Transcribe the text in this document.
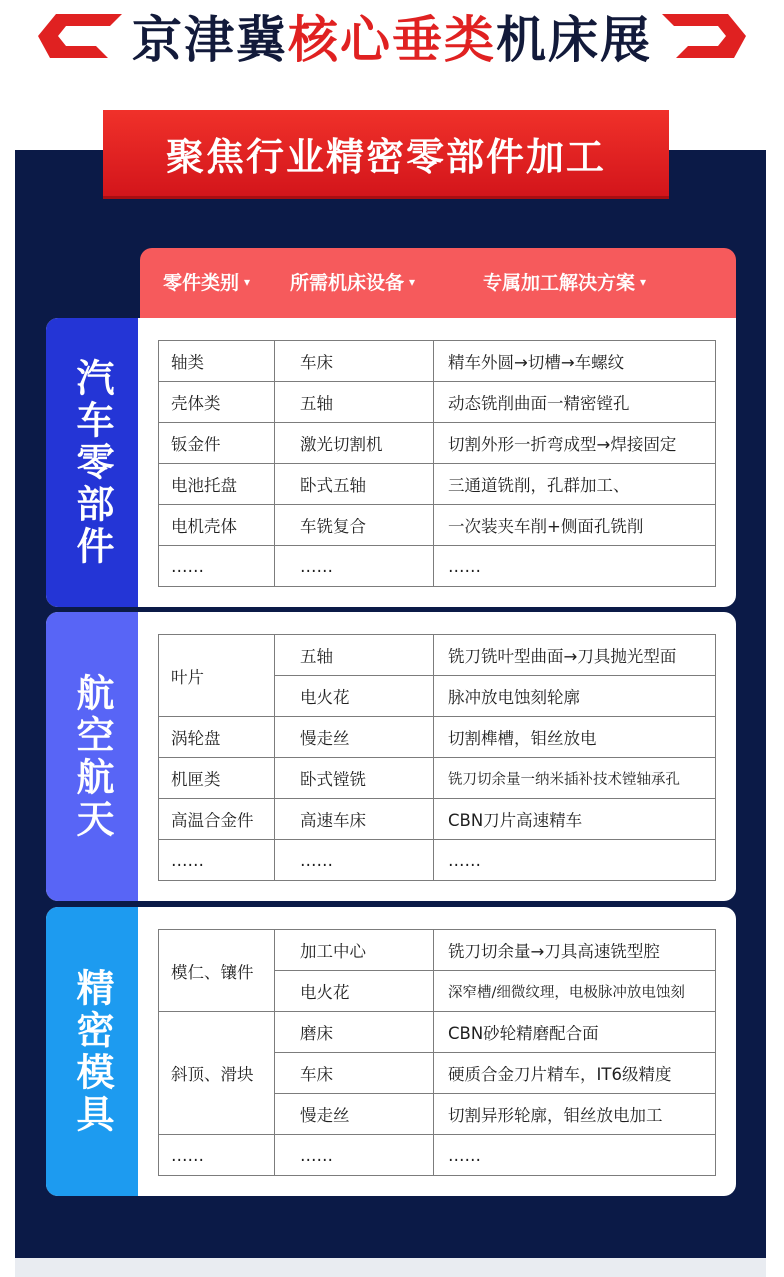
京津冀核心垂类机床展
聚焦行业精密零部件加工
零件类别 ▾ 所需机床设备 ▾	专属加工解决方案 ▾
汽车零部件	轴类	车床	精车外圆→切槽→车螺纹
壳体类	五轴	动态铣削曲面一精密镗孔
钣金件	激光切割机	切割外形一折弯成型→焊接固定
电池托盘	卧式五轴	三通道铣削，孔群加工、
电机壳体	车铣复合	一次装夹车削+侧面孔铣削
……	……	……
航空航天	叶片	五轴	铣刀铣叶型曲面→刀具抛光型面
	电火花	脉冲放电蚀刻轮廓
涡轮盘	慢走丝	切割榫槽，钼丝放电
机匣类	卧式镗铣	铣刀切余量一纳米插补技术镗轴承孔
高温合金件	高速车床	CBN刀片高速精车
……	……	……
精密模具	模仁、镶件	加工中心	铣刀切余量→刀具高速铣型腔
	电火花	深窄槽/细微纹理，电极脉冲放电蚀刻
斜顶、滑块	磨床	CBN砂轮精磨配合面
	车床	硬质合金刀片精车，IT6级精度
	慢走丝	切割异形轮廓，钼丝放电加工
……	……	……
